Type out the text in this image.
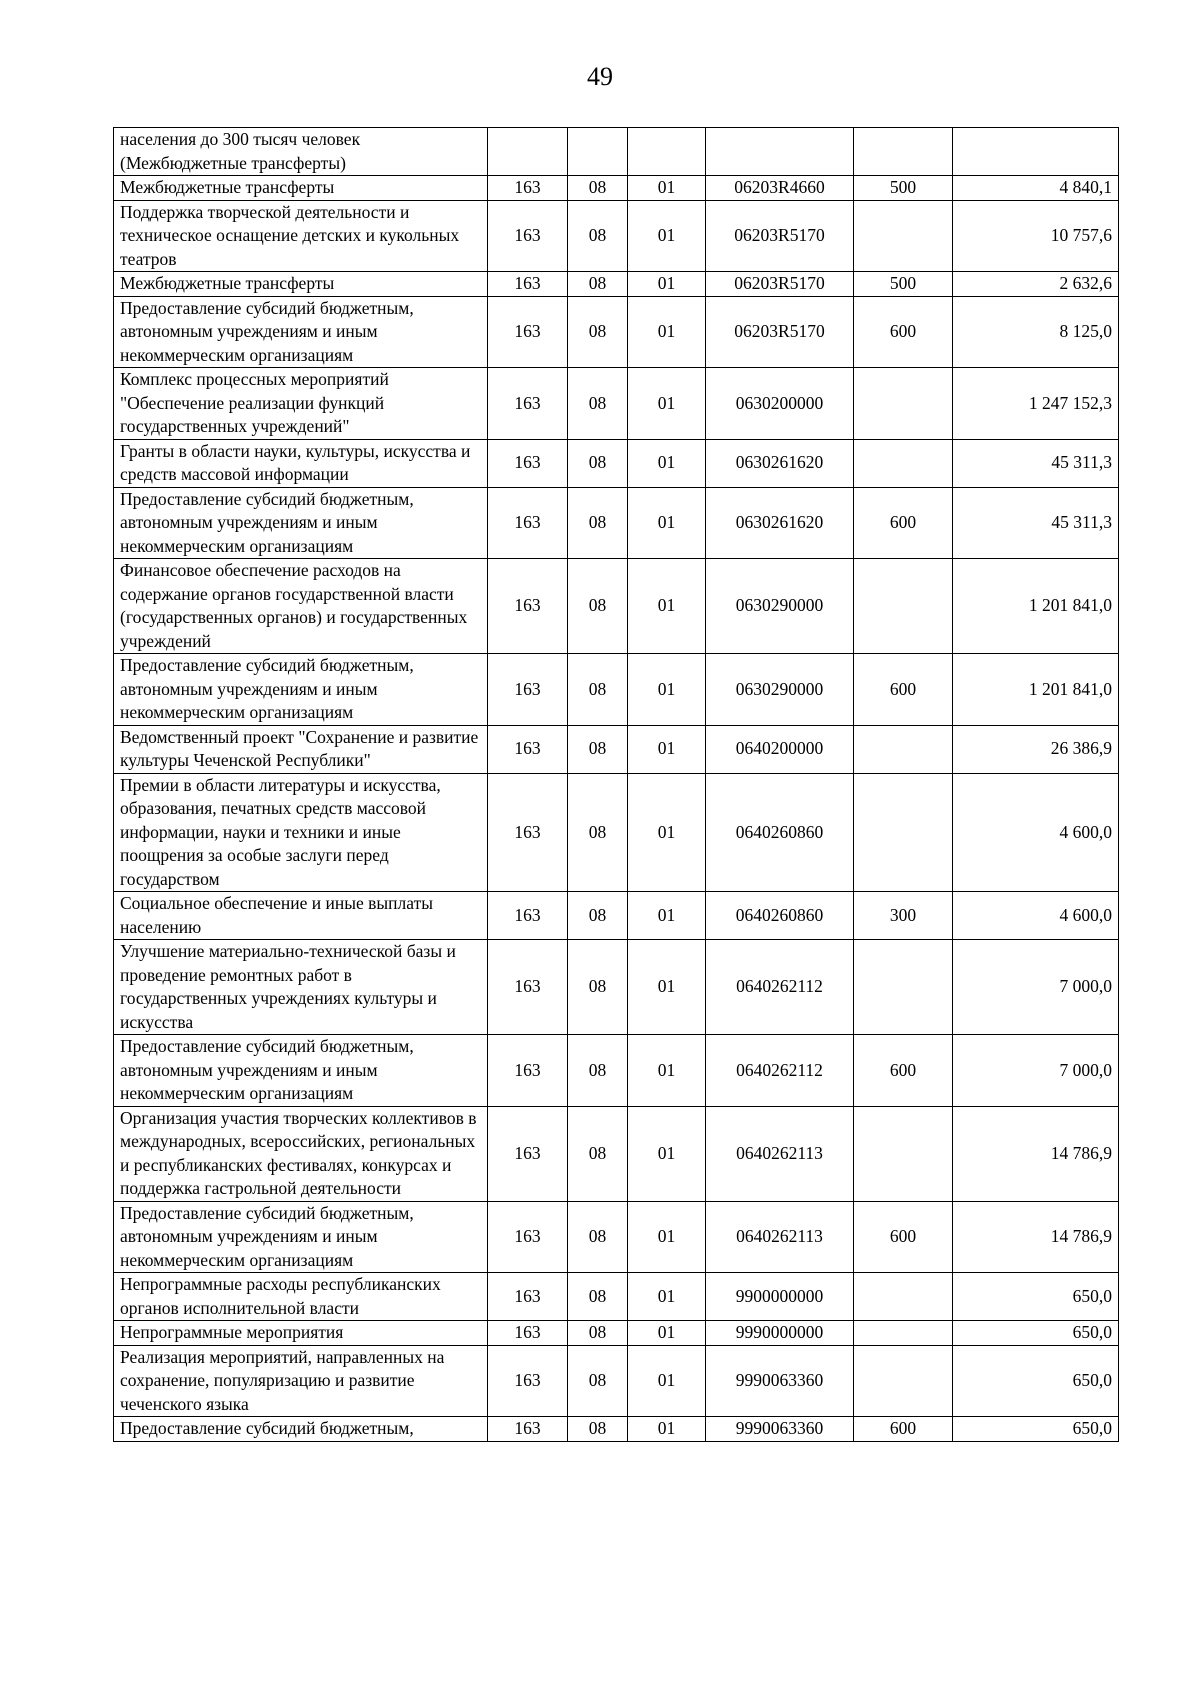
49
населения до 300 тысяч человек (Межбюджетные трансферты)						
Межбюджетные трансферты	163	08	01	06203R4660	500	4 840,1
Поддержка творческой деятельности и техническое оснащение детских и кукольных театров	163	08	01	06203R5170		10 757,6
Межбюджетные трансферты	163	08	01	06203R5170	500	2 632,6
Предоставление субсидий бюджетным, автономным учреждениям и иным некоммерческим организациям	163	08	01	06203R5170	600	8 125,0
Комплекс процессных мероприятий "Обеспечение реализации функций государственных учреждений"	163	08	01	0630200000		1 247 152,3
Гранты в области науки, культуры, искусства и средств массовой информации	163	08	01	0630261620		45 311,3
Предоставление субсидий бюджетным, автономным учреждениям и иным некоммерческим организациям	163	08	01	0630261620	600	45 311,3
Финансовое обеспечение расходов на содержание органов государственной власти (государственных органов) и государственных учреждений	163	08	01	0630290000		1 201 841,0
Предоставление субсидий бюджетным, автономным учреждениям и иным некоммерческим организациям	163	08	01	0630290000	600	1 201 841,0
Ведомственный проект "Сохранение и развитие культуры Чеченской Республики"	163	08	01	0640200000		26 386,9
Премии в области литературы и искусства, образования, печатных средств массовой информации, науки и техники и иные поощрения за особые заслуги перед государством	163	08	01	0640260860		4 600,0
Социальное обеспечение и иные выплаты населению	163	08	01	0640260860	300	4 600,0
Улучшение материально-технической базы и проведение ремонтных работ в государственных учреждениях культуры и искусства	163	08	01	0640262112		7 000,0
Предоставление субсидий бюджетным, автономным учреждениям и иным некоммерческим организациям	163	08	01	0640262112	600	7 000,0
Организация участия творческих коллективов в международных, всероссийских, региональных и республиканских фестивалях, конкурсах и поддержка гастрольной деятельности	163	08	01	0640262113		14 786,9
Предоставление субсидий бюджетным, автономным учреждениям и иным некоммерческим организациям	163	08	01	0640262113	600	14 786,9
Непрограммные расходы республиканских органов исполнительной власти	163	08	01	9900000000		650,0
Непрограммные мероприятия	163	08	01	9990000000		650,0
Реализация мероприятий, направленных на сохранение, популяризацию и развитие чеченского языка	163	08	01	9990063360		650,0
Предоставление субсидий бюджетным,	163	08	01	9990063360	600	650,0
